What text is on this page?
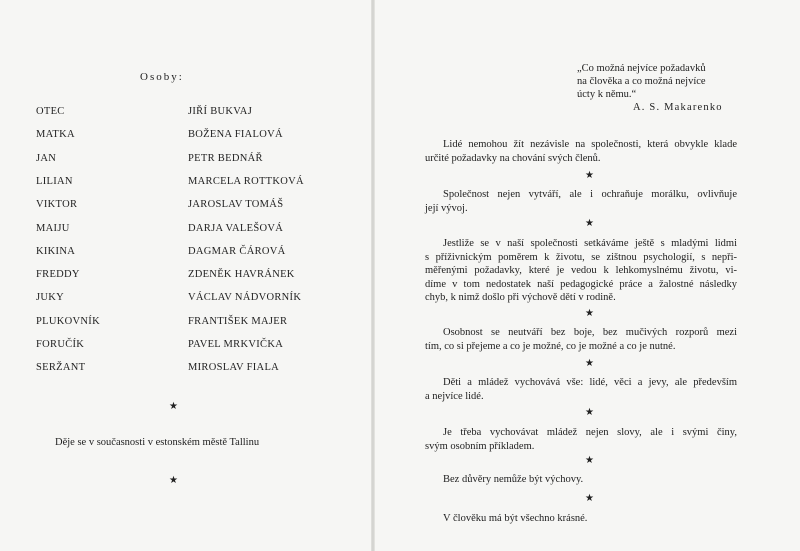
Osoby:
OTEC	JIŘÍ BUKVAJ
MATKA	BOŽENA FIALOVÁ
JAN	PETR BEDNÁŘ
LILIAN	MARCELA ROTTKOVÁ
VIKTOR	JAROSLAV TOMÁŠ
MAIJU	DARJA VALEŠOVÁ
KIKINA	DAGMAR ČÁROVÁ
FREDDY	ZDENĚK HAVRÁNEK
JUKY	VÁCLAV NÁDVORNÍK
PLUKOVNÍK	FRANTIŠEK MAJER
FORUČÍK	PAVEL MRKVIČKA
SERŽANT	MIROSLAV FIALA
★
Děje se v současnosti v estonském městě Tallinu
★
„Co možná nejvíce požadavků
na člověka a co možná nejvíce
úcty k němu.“
A. S. Makarenko
Lidé nemohou žít nezávisle na společnosti, která obvykle klade
určité požadavky na chování svých členů.
Společnost nejen vytváří, ale i ochraňuje morálku, ovlivňuje
její vývoj.
Jestliže se v naší společnosti setkáváme ještě s mladými lidmi
s příživnickým poměrem k životu, se zištnou psychologií, s nepři-
měřenými požadavky, které je vedou k lehkomyslnému životu, vi-
díme v tom nedostatek naší pedagogické práce a žalostné následky
chyb, k nimž došlo při výchově dětí v rodině.
Osobnost se neutváří bez boje, bez mučivých rozporů mezi
tím, co si přejeme a co je možné, co je možné a co je nutné.
Děti a mládež vychovává vše: lidé, věci a jevy, ale především
a nejvíce lidé.
Je třeba vychovávat mládež nejen slovy, ale i svými činy,
svým osobním příkladem.
Bez důvěry nemůže být výchovy.
V člověku má být všechno krásné.
★
★
★
★
★
★
★
